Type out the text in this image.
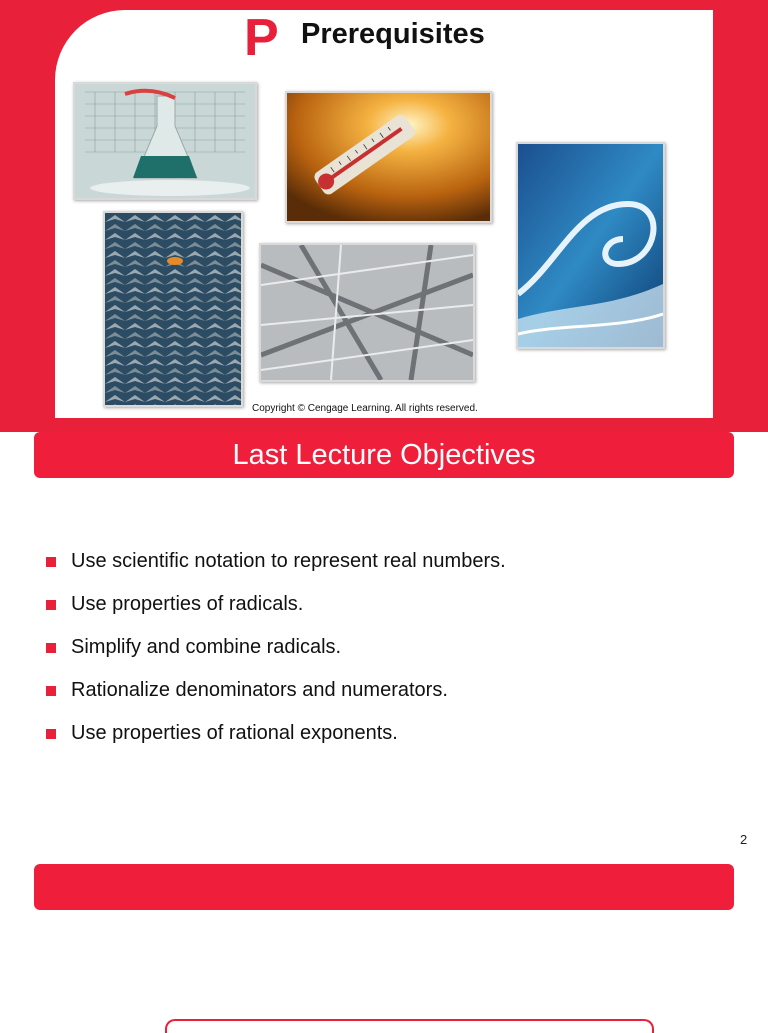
P Prerequisites
Copyright © Cengage Learning. All rights reserved.
Last Lecture Objectives
Use scientific notation to represent real numbers.
Use properties of radicals.
Simplify and combine radicals.
Rationalize denominators and numerators.
Use properties of rational exponents.
2
